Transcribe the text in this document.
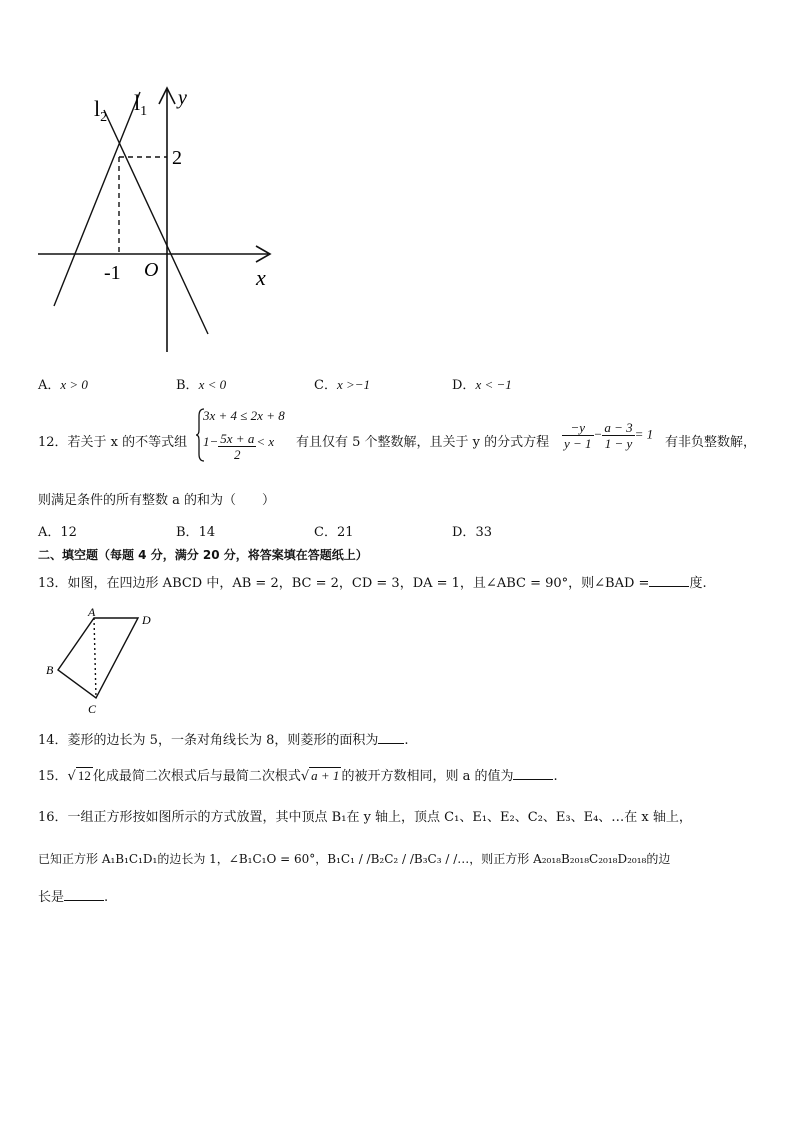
$l_2$
$l_1$
y
2
-1 O	x
A．x > 0	B．x < 0	C．x >−1	D．x < −1
12．若关于 x 的不等式组
3x + 4 ≤ 2x + 8
$1- \frac{5x + a}{2} < x$ 有且仅有 5 个整数解，且关于 y 的分式方程 $\frac{-y}{y - 1} - \frac{a - 3}{1 - y} = 1$
有非负整数解，
则满足条件的所有整数 a 的和为（　　）
A．12	B．14	C．21	D．33
二、填空题（每题 4 分，满分 20 分，将答案填在答题纸上）
13．如图，在四边形 ABCD 中，AB = 2，BC = 2，CD = 3，DA = 1，且∠ABC = 90°，则∠BAD =	度.
A
D
B
C
14．菱形的边长为 5，一条对角线长为 8，则菱形的面积为 .
15．√ 12 化成最简二次根式后与最简二次根式√ a + 1 的被开方数相同，则 a 的值为	.
16．一组正方形按如图所示的方式放置，其中顶点 B₁在 y 轴上，顶点 C₁、E₁、E₂、C₂、E₃、E₄、…在 x 轴上，
已知正方形 A₁B₁C₁D₁的边长为 1，∠B₁C₁O = 60°，B₁C₁ / /B₂C₂ / /B₃C₃ / /…，则正方形 A₂₀₁₈B₂₀₁₈C₂₀₁₈D₂₀₁₈的边
长是	.
